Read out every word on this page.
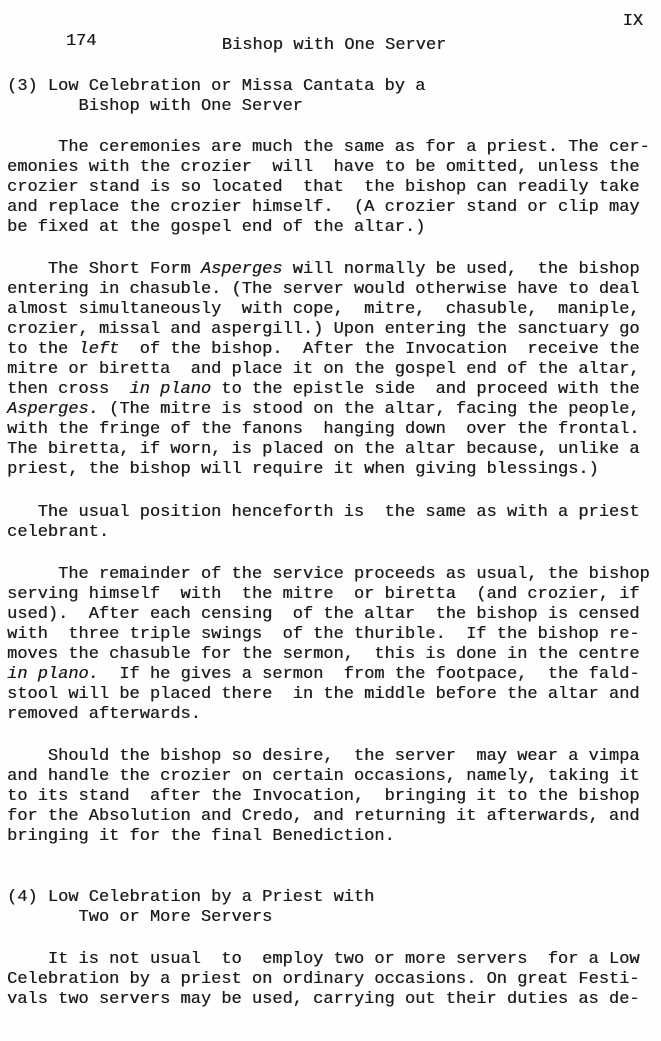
174

IX

Bishop with One Server
(3) Low Celebration or Missa Cantata by a
Bishop with One Server
The ceremonies are much the same as for a priest. The cer-
emonies with the crozier  will  have to be omitted, unless the
crozier stand is so located  that  the bishop can readily take
and replace the crozier himself.  (A crozier stand or clip may
be fixed at the gospel end of the altar.)
The Short Form Asperges will normally be used,  the bishop
entering in chasuble. (The server would otherwise have to deal
almost simultaneously  with cope,  mitre,  chasuble,  maniple,
crozier, missal and aspergill.) Upon entering the sanctuary go
to the left  of the bishop.  After the Invocation  receive the
mitre or biretta  and place it on the gospel end of the altar,
then cross  in plano to the epistle side  and proceed with the
Asperges. (The mitre is stood on the altar, facing the people,
with the fringe of the fanons  hanging down  over the frontal.
The biretta, if worn, is placed on the altar because, unlike a
priest, the bishop will require it when giving blessings.)
The usual position henceforth is  the same as with a priest
celebrant.
The remainder of the service proceeds as usual, the bishop
serving himself  with  the mitre  or biretta  (and crozier, if
used).  After each censing  of the altar  the bishop is censed
with  three triple swings  of the thurible.  If the bishop re-
moves the chasuble for the sermon,  this is done in the centre
in plano.  If he gives a sermon  from the footpace,  the fald-
stool will be placed there  in the middle before the altar and
removed afterwards.
Should the bishop so desire,  the server  may wear a vimpa
and handle the crozier on certain occasions, namely, taking it
to its stand  after the Invocation,  bringing it to the bishop
for the Absolution and Credo, and returning it afterwards, and
bringing it for the final Benediction.
(4) Low Celebration by a Priest with
Two or More Servers
It is not usual  to  employ two or more servers  for a Low
Celebration by a priest on ordinary occasions. On great Festi-
vals two servers may be used, carrying out their duties as de-
